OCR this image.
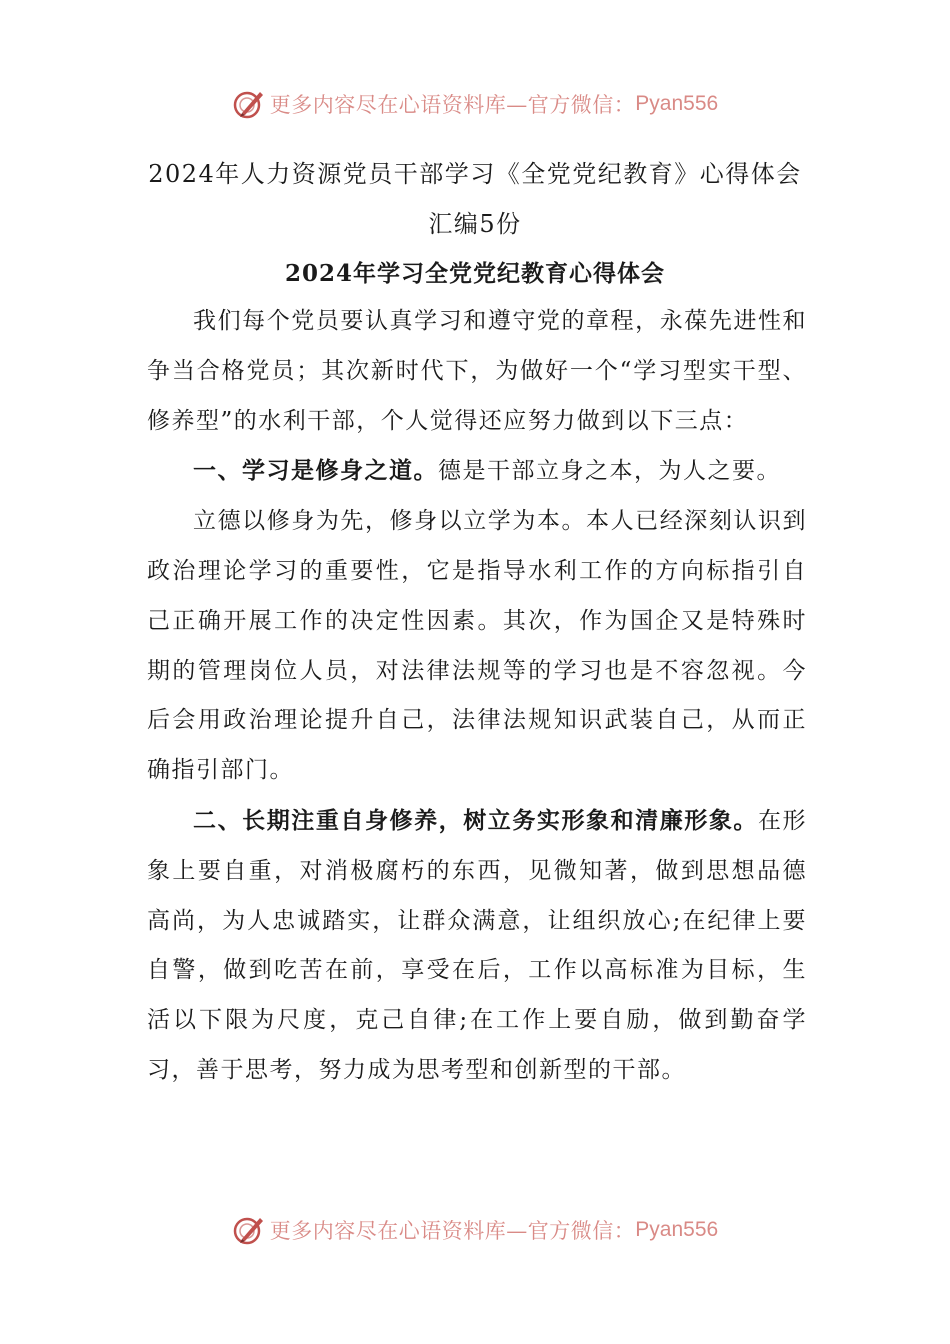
更多内容尽在心语资料库—官方微信： Pyan556
2024年人力资源党员干部学习《全党党纪教育》心得体会
汇编5份
2024年学习全党党纪教育心得体会

我们每个党员要认真学习和遵守党的章程，永葆先进性和争当合格党员；其次新时代下，为做好一个“学习型实干型、修养型”的水利干部，个人觉得还应努力做到以下三点：

一、学习是修身之道。德是干部立身之本，为人之要。

立德以修身为先，修身以立学为本。本人已经深刻认识到政治理论学习的重要性，它是指导水利工作的方向标指引自己正确开展工作的决定性因素。其次，作为国企又是特殊时期的管理岗位人员，对法律法规等的学习也是不容忽视。今后会用政治理论提升自己，法律法规知识武装自己，从而正确指引部门。

二、长期注重自身修养，树立务实形象和清廉形象。在形象上要自重，对消极腐朽的东西，见微知著，做到思想品德高尚，为人忠诚踏实，让群众满意，让组织放心;在纪律上要自警，做到吃苦在前，享受在后，工作以高标准为目标，生活以下限为尺度，克己自律;在工作上要自励，做到勤奋学习，善于思考，努力成为思考型和创新型的干部。

更多内容尽在心语资料库—官方微信： Pyan556
